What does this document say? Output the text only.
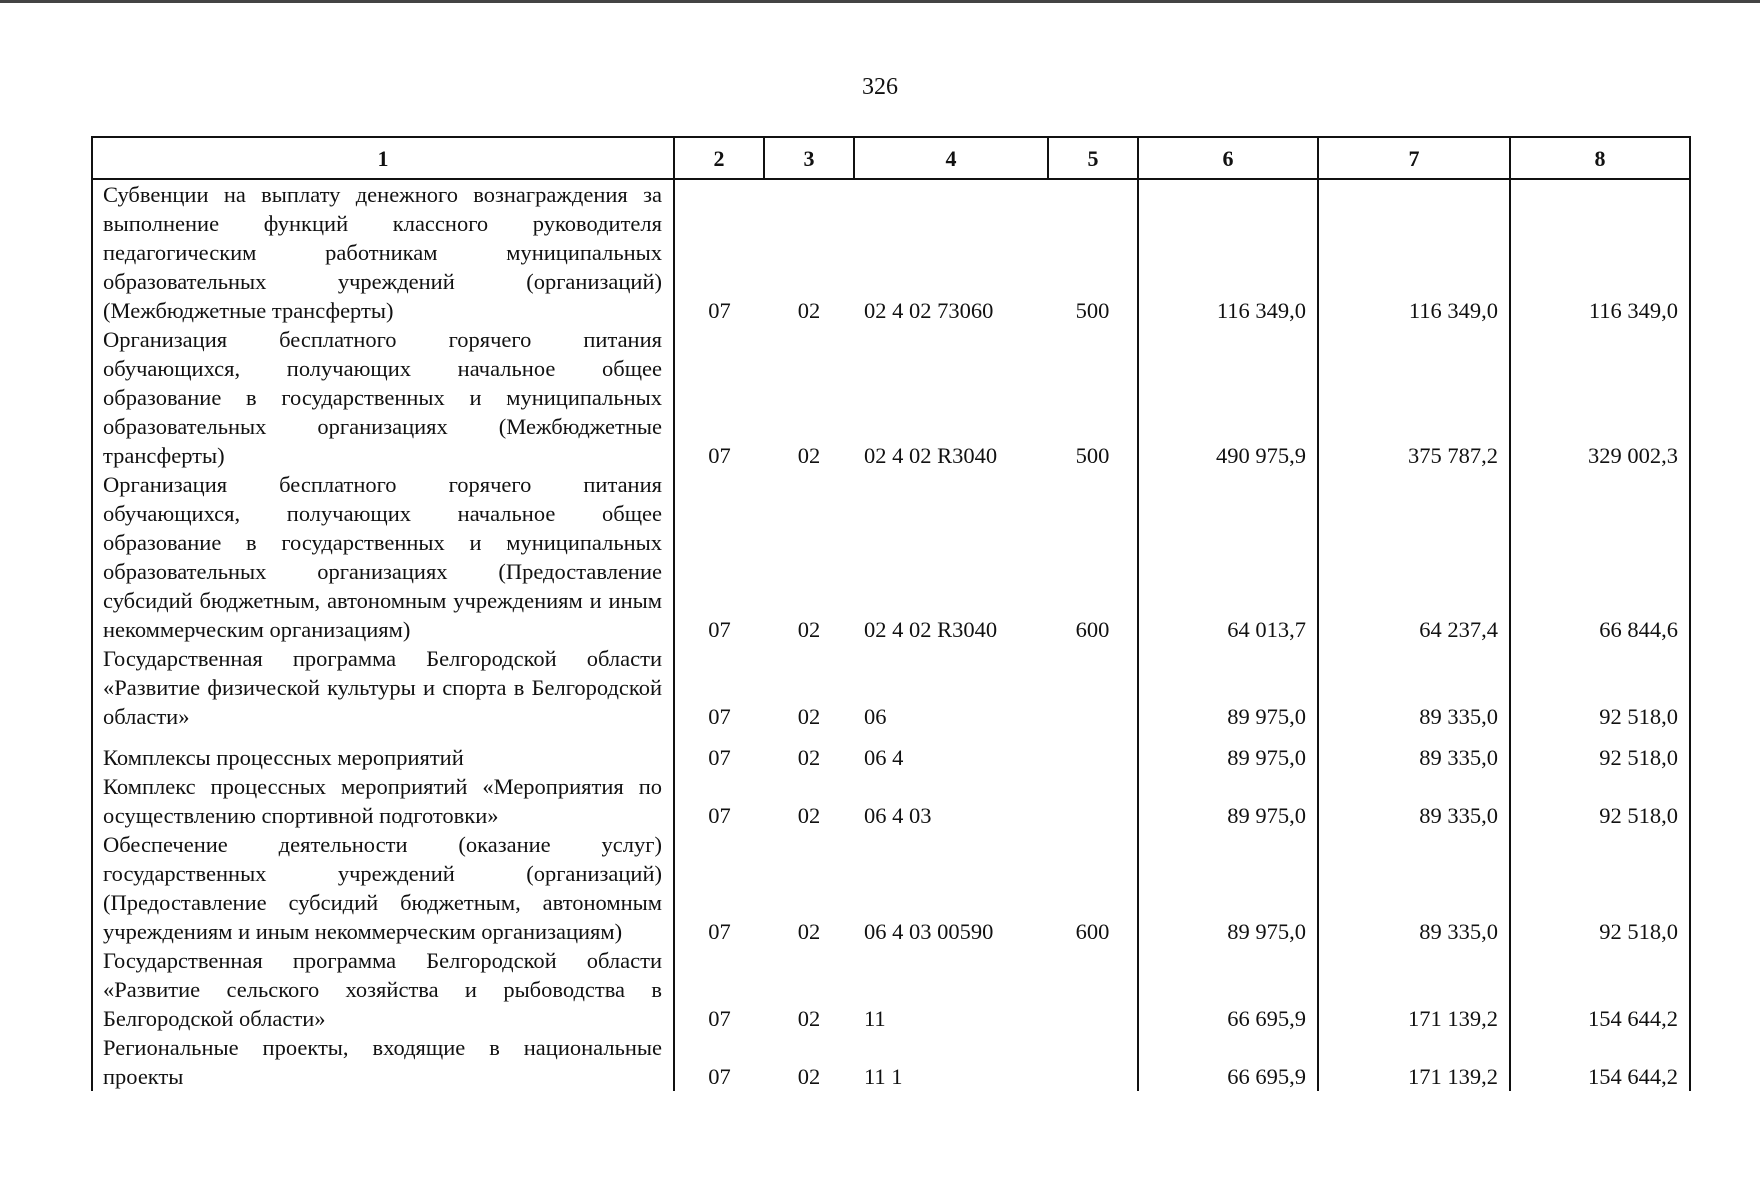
326
1	2	3	4	5	6	7	8
Субвенции на выплату денежного вознаграждения за выполнение функций классного руководителя педагогическим работникам муниципальных образовательных учреждений (организаций) (Межбюджетные трансферты)	07	02	02 4 02 73060	500	116 349,0	116 349,0	116 349,0
Организация бесплатного горячего питания обучающихся, получающих начальное общее образование в государственных и муниципальных образовательных организациях (Межбюджетные трансферты)	07	02	02 4 02 R3040	500	490 975,9	375 787,2	329 002,3
Организация бесплатного горячего питания обучающихся, получающих начальное общее образование в государственных и муниципальных образовательных организациях (Предоставление субсидий бюджетным, автономным учреждениям и иным некоммерческим организациям)	07	02	02 4 02 R3040	600	64 013,7	64 237,4	66 844,6
Государственная программа Белгородской области «Развитие физической культуры и спорта в Белгородской области»	07	02	06		89 975,0	89 335,0	92 518,0
Комплексы процессных мероприятий	07	02	06 4		89 975,0	89 335,0	92 518,0
Комплекс процессных мероприятий «Мероприятия по осуществлению спортивной подготовки»	07	02	06 4 03		89 975,0	89 335,0	92 518,0
Обеспечение деятельности (оказание услуг) государственных учреждений (организаций) (Предоставление субсидий бюджетным, автономным учреждениям и иным некоммерческим организациям)	07	02	06 4 03 00590	600	89 975,0	89 335,0	92 518,0
Государственная программа Белгородской области «Развитие сельского хозяйства и рыбоводства в Белгородской области»	07	02	11		66 695,9	171 139,2	154 644,2
Региональные проекты, входящие в национальные проекты	07	02	11 1		66 695,9	171 139,2	154 644,2
